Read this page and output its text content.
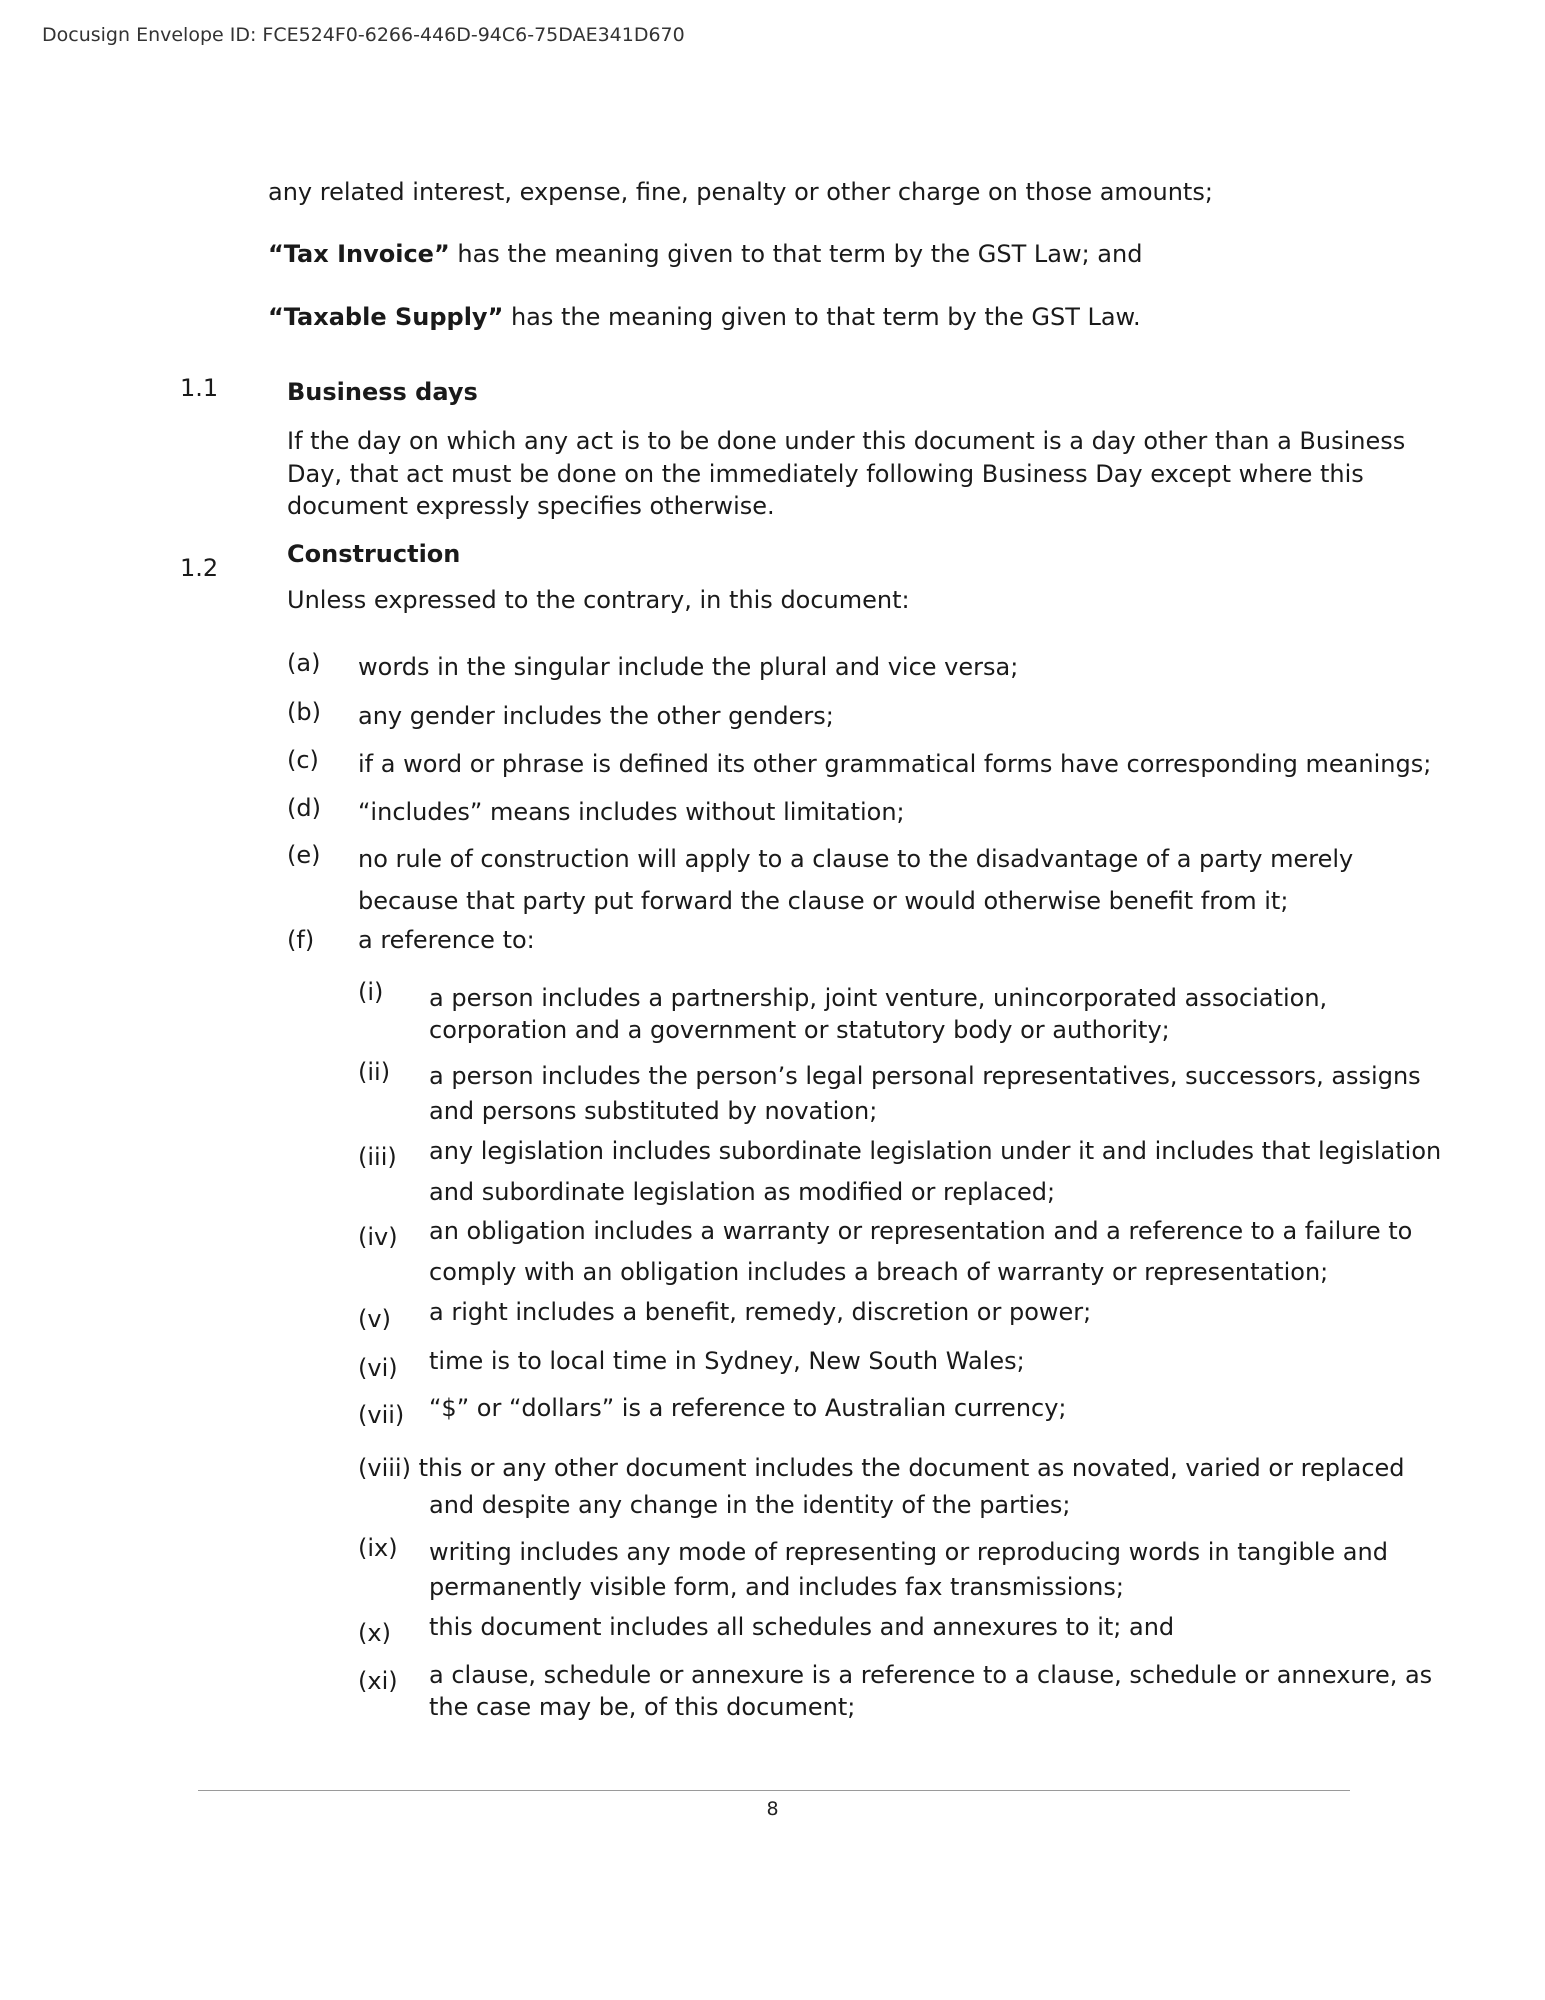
Docusign Envelope ID: FCE524F0-6266-446D-94C6-75DAE341D670
any related interest, expense, fine, penalty or other charge on those amounts;
“Tax Invoice” has the meaning given to that term by the GST Law; and
“Taxable Supply” has the meaning given to that term by the GST Law.
1.1	Business days
If the day on which any act is to be done under this document is a day other than a Business
Day, that act must be done on the immediately following Business Day except where this
document expressly specifies otherwise.
Construction
1.2
Unless expressed to the contrary, in this document:
(a) words in the singular include the plural and vice versa;
(b) any gender includes the other genders;
(c) if a word or phrase is defined its other grammatical forms have corresponding meanings;
(d) “includes” means includes without limitation;
(e) no rule of construction will apply to a clause to the disadvantage of a party merely
because that party put forward the clause or would otherwise benefit from it;
(f) a reference to:
(i) a person includes a partnership, joint venture, unincorporated association,
corporation and a government or statutory body or authority;
(ii) a person includes the person’s legal personal representatives, successors, assigns
and persons substituted by novation;
(iii) any legislation includes subordinate legislation under it and includes that legislation
and subordinate legislation as modified or replaced;
(iv) an obligation includes a warranty or representation and a reference to a failure to
comply with an obligation includes a breach of warranty or representation;
(v) a right includes a benefit, remedy, discretion or power;
(vi) time is to local time in Sydney, New South Wales;
(vii) “$” or “dollars” is a reference to Australian currency;
(viii) this or any other document includes the document as novated, varied or replaced
and despite any change in the identity of the parties;
(ix) writing includes any mode of representing or reproducing words in tangible and
permanently visible form, and includes fax transmissions;
(x) this document includes all schedules and annexures to it; and
(xi) a clause, schedule or annexure is a reference to a clause, schedule or annexure, as
the case may be, of this document;
8
